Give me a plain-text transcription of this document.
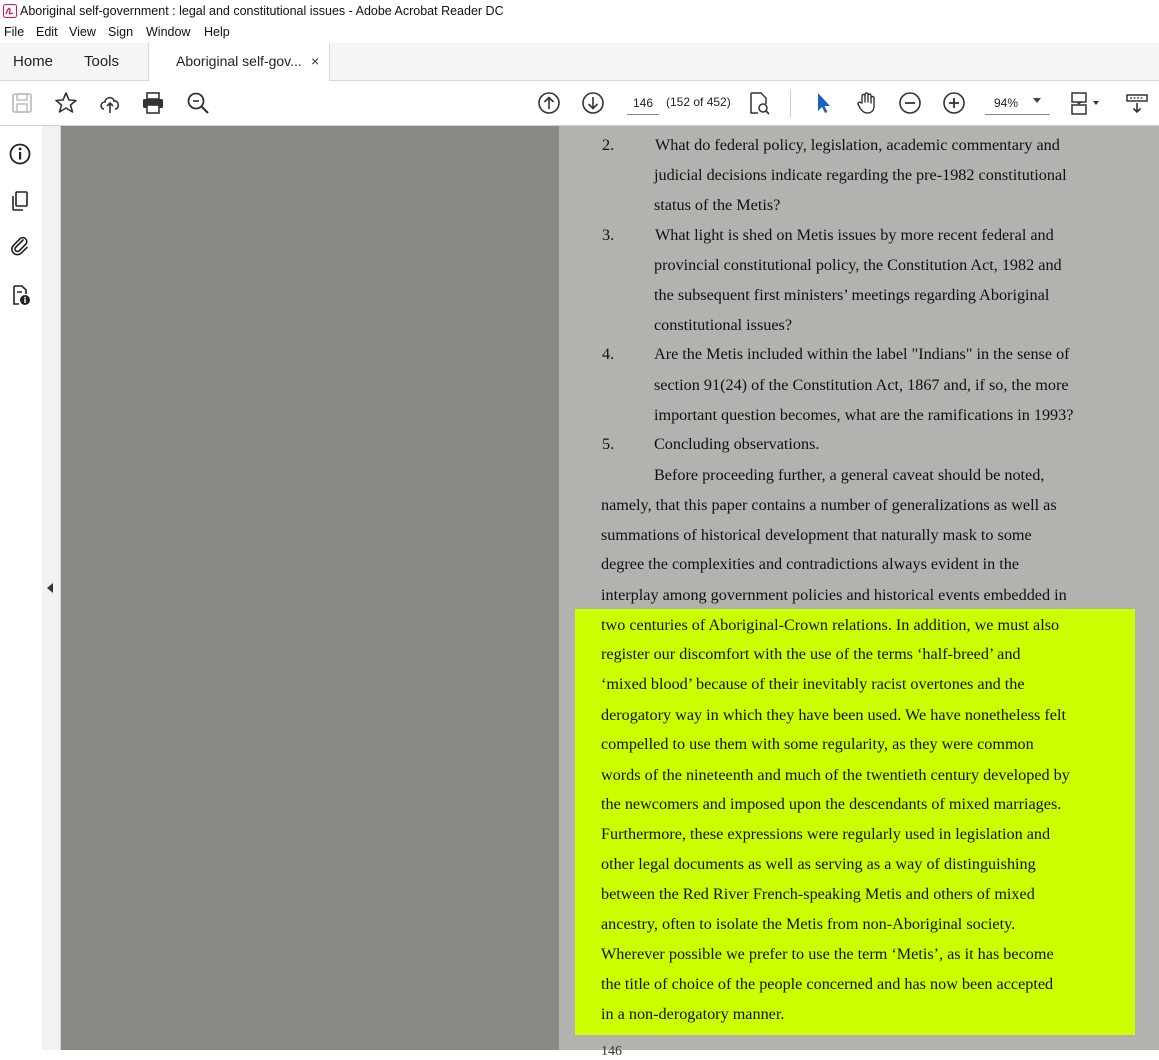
Aboriginal self-government : legal and constitutional issues - Adobe Acrobat Reader DC
File Edit View Sign Window Help
Home Tools	Aboriginal self-gov... ×
146	(152 of 452)	94%
2.	What do federal policy, legislation, academic commentary and
judicial decisions indicate regarding the pre-1982 constitutional
status of the Metis?
3.	What light is shed on Metis issues by more recent federal and
provincial constitutional policy, the Constitution Act, 1982 and
the subsequent first ministers’ meetings regarding Aboriginal
constitutional issues?
4. Are the Metis included within the label "Indians" in the sense of
section 91(24) of the Constitution Act, 1867 and, if so, the more
important question becomes, what are the ramifications in 1993?
5. Concluding observations.
Before proceeding further, a general caveat should be noted,
namely, that this paper contains a number of generalizations as well as
summations of historical development that naturally mask to some
degree the complexities and contradictions always evident in the
interplay among government policies and historical events embedded in
two centuries of Aboriginal-Crown relations. In addition, we must also
register our discomfort with the use of the terms ‘half-breed’ and
‘mixed blood’ because of their inevitably racist overtones and the
derogatory way in which they have been used. We have nonetheless felt
compelled to use them with some regularity, as they were common
words of the nineteenth and much of the twentieth century developed by
the newcomers and imposed upon the descendants of mixed marriages.
Furthermore, these expressions were regularly used in legislation and
other legal documents as well as serving as a way of distinguishing
between the Red River French-speaking Metis and others of mixed
ancestry, often to isolate the Metis from non-Aboriginal society.
Wherever possible we prefer to use the term ‘Metis’, as it has become
the title of choice of the people concerned and has now been accepted
in a non-derogatory manner.
146
